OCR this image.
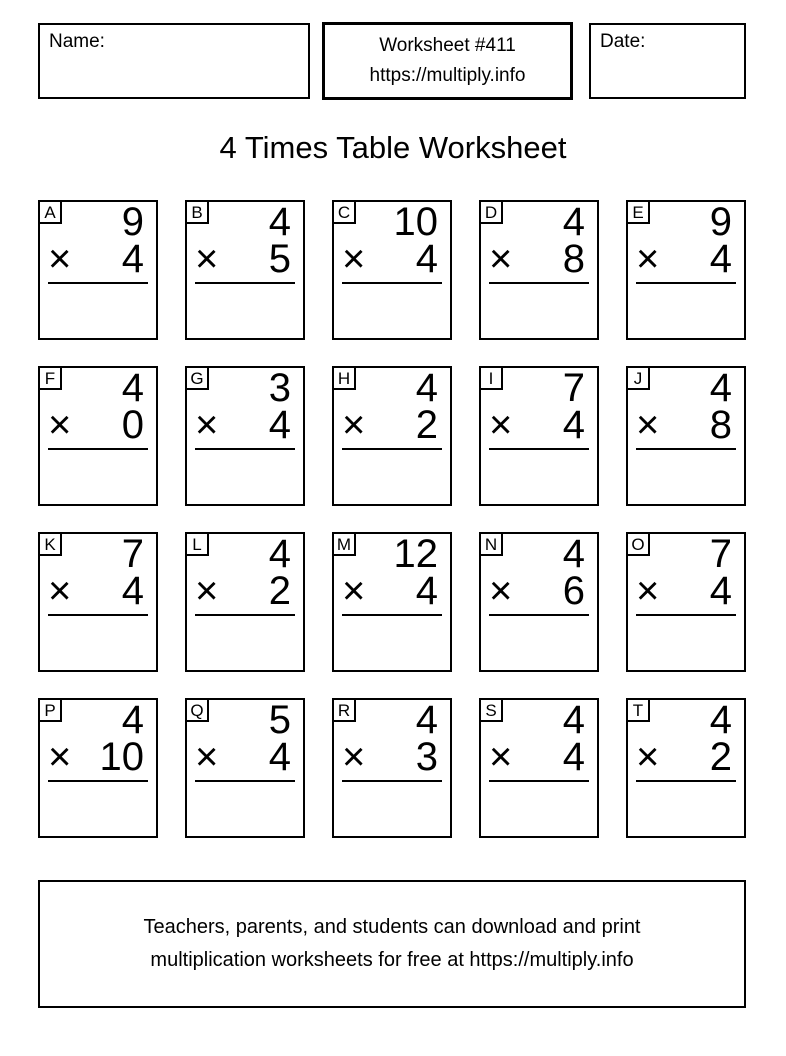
Name:	Worksheet #411
https://multiply.info
Date:
4 Times Table Worksheet
A	9
× 4
B	4
× 5
C	10
× 4
D	4
× 8
E	9
× 4
F	4
× 0
G	3
× 4
H	4
× 2
I	7
× 4
J	4
× 8
K	7
× 4
L	4
× 2
M	12
× 4
N	4
× 6
O	7
× 4
P	4
× 10
Q	5
× 4
R	4
× 3
S	4
× 4
T	4
× 2
Teachers, parents, and students can download and print
multiplication worksheets for free at https://multiply.info
